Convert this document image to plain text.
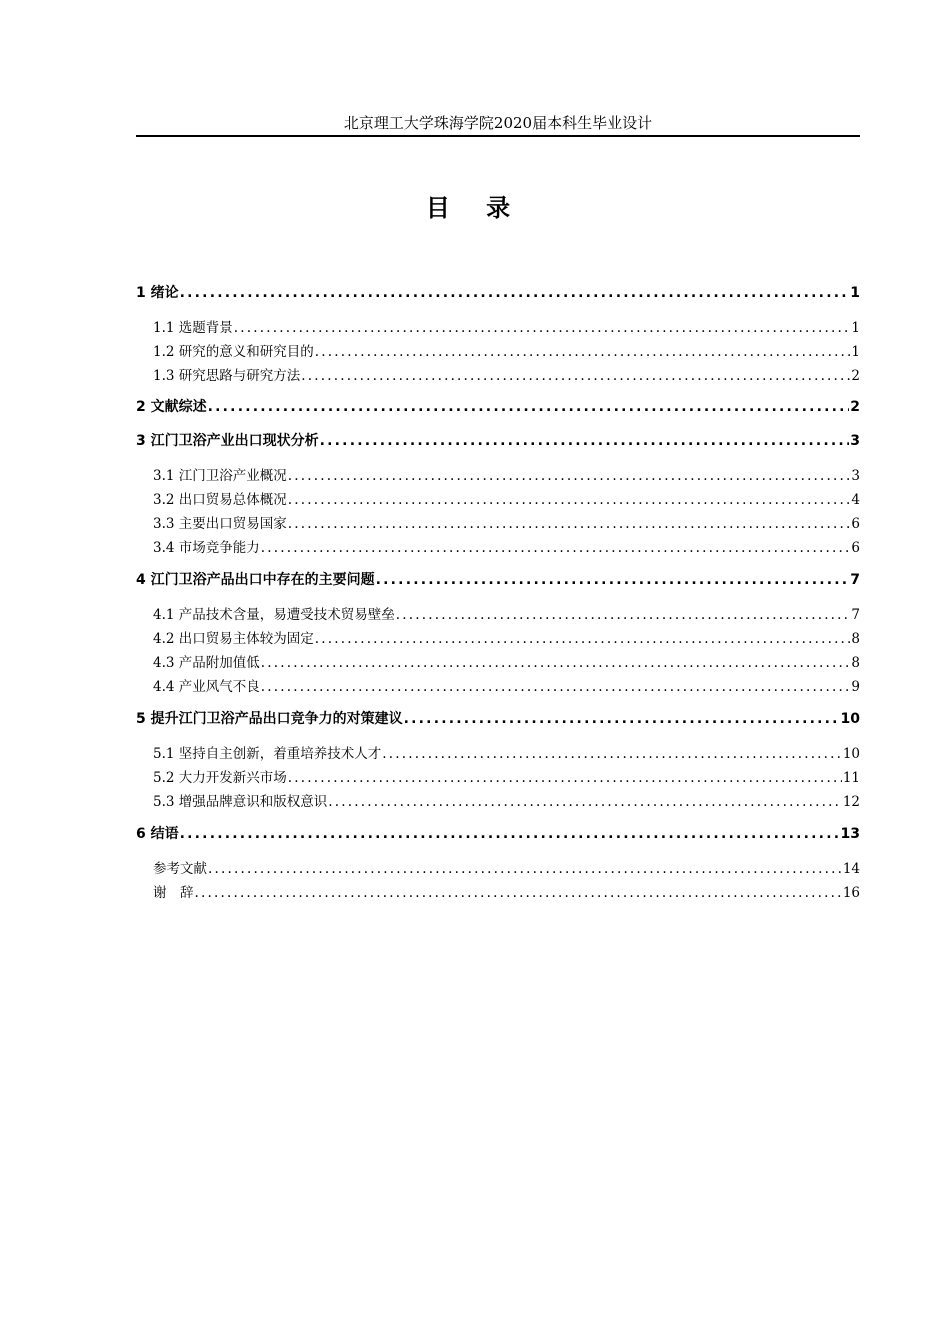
北京理工大学珠海学院2020届本科生毕业设计
目 录
1 绪论 .....	1
1.1 选题背景 .....	1
1.2 研究的意义和研究目的 .....	1
1.3 研究思路与研究方法 .....	2
2 文献综述 .....	2
3 江门卫浴产业出口现状分析 .....	3
3.1 江门卫浴产业概况 .....	3
3.2 出口贸易总体概况 .....	4
3.3 主要出口贸易国家 .....	6
3.4 市场竞争能力 .....	6
4 江门卫浴产品出口中存在的主要问题 .....	7
4.1 产品技术含量，易遭受技术贸易壁垒 .....	7
4.2 出口贸易主体较为固定 .....	8
4.3 产品附加值低 .....	8
4.4 产业风气不良 .....	9
5 提升江门卫浴产品出口竞争力的对策建议 .....	10
5.1 坚持自主创新，着重培养技术人才 .....	10
5.2 大力开发新兴市场 .....	11
5.3 增强品牌意识和版权意识 .....	12
6 结语 .....	13
参考文献 .....	14
谢　辞 .....	16
